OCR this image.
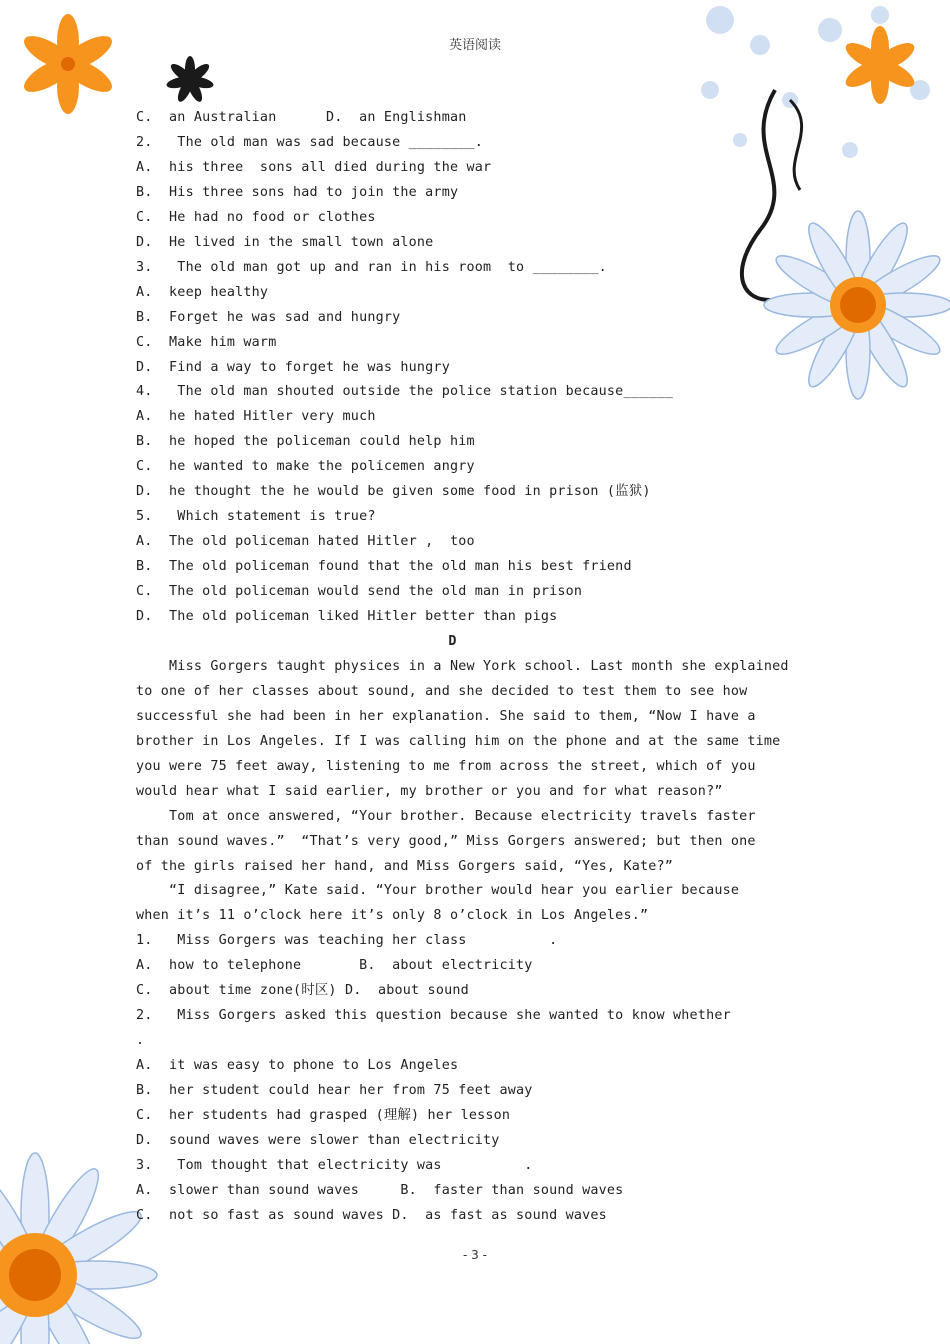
英语阅读
C.  an Australian      D.  an Englishman
2.   The old man was sad because ________.
A.  his three  sons all died during the war
B.  His three sons had to join the army
C.  He had no food or clothes
D.  He lived in the small town alone
3.   The old man got up and ran in his room  to ________.
A.  keep healthy
B.  Forget he was sad and hungry
C.  Make him warm
D.  Find a way to forget he was hungry
4.   The old man shouted outside the police station because______
A.  he hated Hitler very much
B.  he hoped the policeman could help him
C.  he wanted to make the policemen angry
D.  he thought the he would be given some food in prison (监狱)
5.   Which statement is true?
A.  The old policeman hated Hitler ,  too
B.  The old policeman found that the old man his best friend
C.  The old policeman would send the old man in prison
D.  The old policeman liked Hitler better than pigs
D
Miss Gorgers taught physices in a New York school. Last month she explained
to one of her classes about sound, and she decided to test them to see how
successful she had been in her explanation. She said to them, “Now I have a
brother in Los Angeles. If I was calling him on the phone and at the same time
you were 75 feet away, listening to me from across the street, which of you
would hear what I said earlier, my brother or you and for what reason?”
Tom at once answered, “Your brother. Because electricity travels faster
than sound waves.”  “That’s very good,” Miss Gorgers answered; but then one
of the girls raised her hand, and Miss Gorgers said, “Yes, Kate?”
“I disagree,” Kate said. “Your brother would hear you earlier because
when it’s 11 o’clock here it’s only 8 o’clock in Los Angeles.”
1.   Miss Gorgers was teaching her class          .
A.  how to telephone       B.  about electricity
C.  about time zone(时区) D.  about sound
2.   Miss Gorgers asked this question because she wanted to know whether
.
A.  it was easy to phone to Los Angeles
B.  her student could hear her from 75 feet away
C.  her students had grasped (理解) her lesson
D.  sound waves were slower than electricity
3.   Tom thought that electricity was          .
A.  slower than sound waves     B.  faster than sound waves
C.  not so fast as sound waves D.  as fast as sound waves
- 3 -
